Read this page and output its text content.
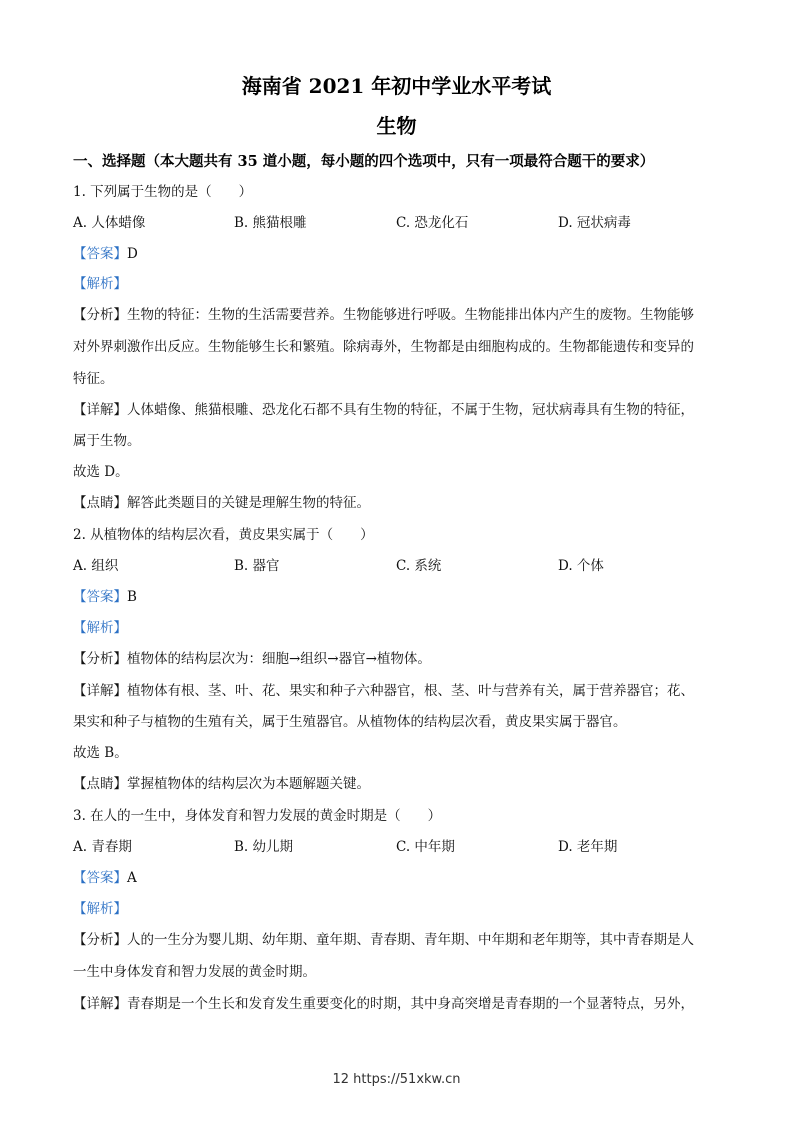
海南省 2021 年初中学业水平考试
生物
一、选择题（本大题共有 35 道小题，每小题的四个选项中，只有一项最符合题干的要求）
1. 下列属于生物的是（　　）
A. 人体蜡像	B. 熊猫根雕	C. 恐龙化石	D. 冠状病毒
【答案】D
【解析】
【分析】生物的特征：生物的生活需要营养。生物能够进行呼吸。生物能排出体内产生的废物。生物能够
对外界刺激作出反应。生物能够生长和繁殖。除病毒外，生物都是由细胞构成的。生物都能遗传和变异的
特征。
【详解】人体蜡像、熊猫根雕、恐龙化石都不具有生物的特征，不属于生物，冠状病毒具有生物的特征，
属于生物。
故选 D。
【点睛】解答此类题目的关键是理解生物的特征。
2. 从植物体的结构层次看，黄皮果实属于（　　）
A. 组织	B. 器官	C. 系统	D. 个体
【答案】B
【解析】
【分析】植物体的结构层次为：细胞→组织→器官→植物体。
【详解】植物体有根、茎、叶、花、果实和种子六种器官，根、茎、叶与营养有关，属于营养器官；花、
果实和种子与植物的生殖有关，属于生殖器官。从植物体的结构层次看，黄皮果实属于器官。
故选 B。
【点睛】掌握植物体的结构层次为本题解题关键。
3. 在人的一生中，身体发育和智力发展的黄金时期是（　　）
A. 青春期	B. 幼儿期	C. 中年期	D. 老年期
【答案】A
【解析】
【分析】人的一生分为婴儿期、幼年期、童年期、青春期、青年期、中年期和老年期等，其中青春期是人
一生中身体发育和智力发展的黄金时期。
【详解】青春期是一个生长和发育发生重要变化的时期，其中身高突增是青春期的一个显著特点，另外，
12 https://51xkw.cn
